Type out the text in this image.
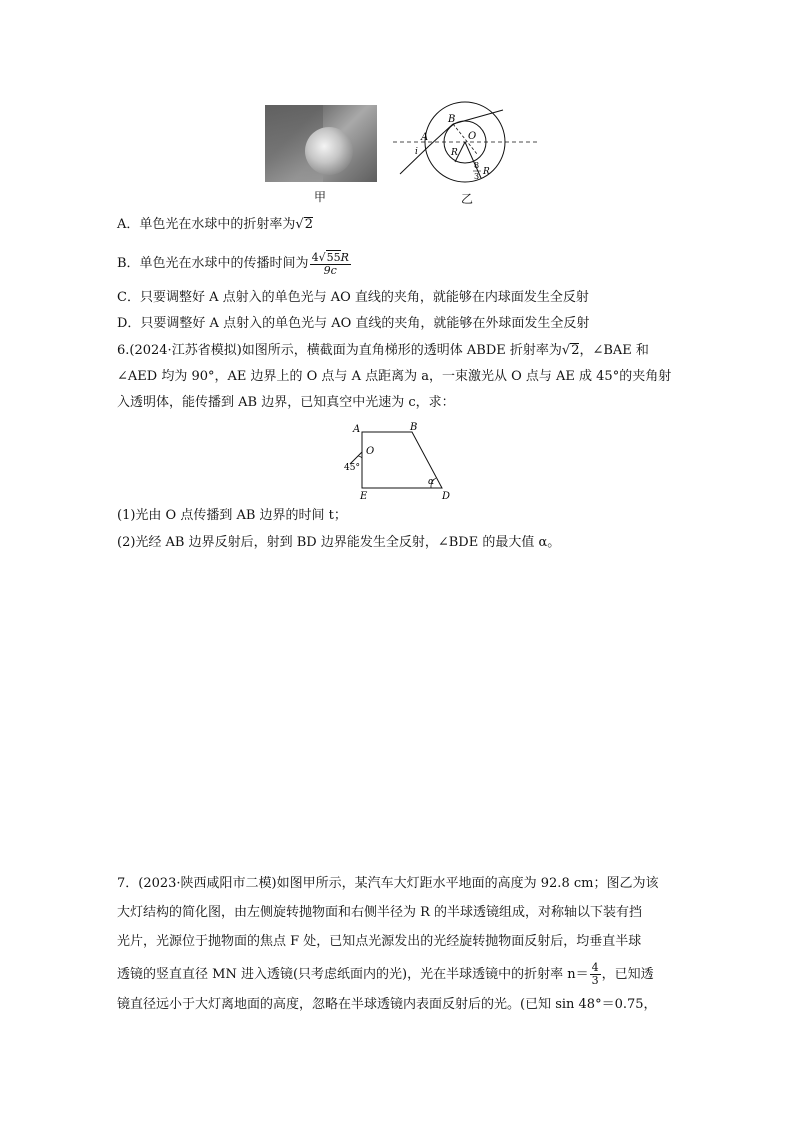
甲
A
i
B
O
R
8
3 R
乙
A．单色光在水球中的折射率为√2
B．单色光在水球中的传播时间为 $\frac{4√55R}{9c}$
C．只要调整好 A 点射入的单色光与 AO 直线的夹角，就能够在内球面发生全反射
D．只要调整好 A 点射入的单色光与 AO 直线的夹角，就能够在外球面发生全反射
6.(2024·江苏省模拟)如图所示，横截面为直角梯形的透明体 ABDE 折射率为√2，∠BAE 和
∠AED 均为 90°，AE 边界上的 O 点与 A 点距离为 a，一束激光从 O 点与 AE 成 45°的夹角射
入透明体，能传播到 AB 边界，已知真空中光速为 c，求：
A	B
O
45°
E	D
α
(1)光由 O 点传播到 AB 边界的时间 t；
(2)光经 AB 边界反射后，射到 BD 边界能发生全反射，∠BDE 的最大值 α。
7．(2023·陕西咸阳市二模)如图甲所示，某汽车大灯距水平地面的高度为 92.8 cm；图乙为该
大灯结构的简化图，由左侧旋转抛物面和右侧半径为 R 的半球透镜组成，对称轴以下装有挡
光片，光源位于抛物面的焦点 F 处，已知点光源发出的光经旋转抛物面反射后，均垂直半球
透镜的竖直直径 MN 进入透镜(只考虑纸面内的光)，光在半球透镜中的折射率 $n= \frac{4}{3}$ ，已知透
镜直径远小于大灯离地面的高度，忽略在半球透镜内表面反射后的光。(已知 sin 48°＝0.75，
